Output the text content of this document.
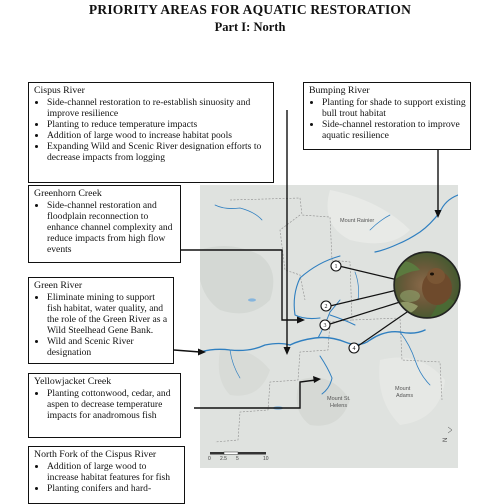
PRIORITY AREAS FOR AQUATIC RESTORATION
Part I: North
Mount Rainier
Mount St.
Helens
Mount
Adams
0 2.5 5	10
N
1
2
3
4
Cispus River
• Side-channel restoration to re-establish sinuosity and improve resilience
• Planting to reduce temperature impacts
• Addition of large wood to increase habitat pools
• Expanding Wild and Scenic River designation efforts to decrease impacts from logging
Bumping River
• Planting for shade to support existing bull trout habitat
• Side-channel restoration to improve aquatic resilience
Greenhorn Creek
• Side-channel restoration and floodplain reconnection to enhance channel complexity and reduce impacts from high flow events
Green River
• Eliminate mining to support fish habitat, water quality, and the role of the Green River as a Wild Steelhead Gene Bank.
• Wild and Scenic River designation
Yellowjacket Creek
• Planting cottonwood, cedar, and aspen to decrease temperature impacts for anadromous fish
North Fork of the Cispus River
• Addition of large wood to increase habitat features for fish
• Planting conifers and hard-
